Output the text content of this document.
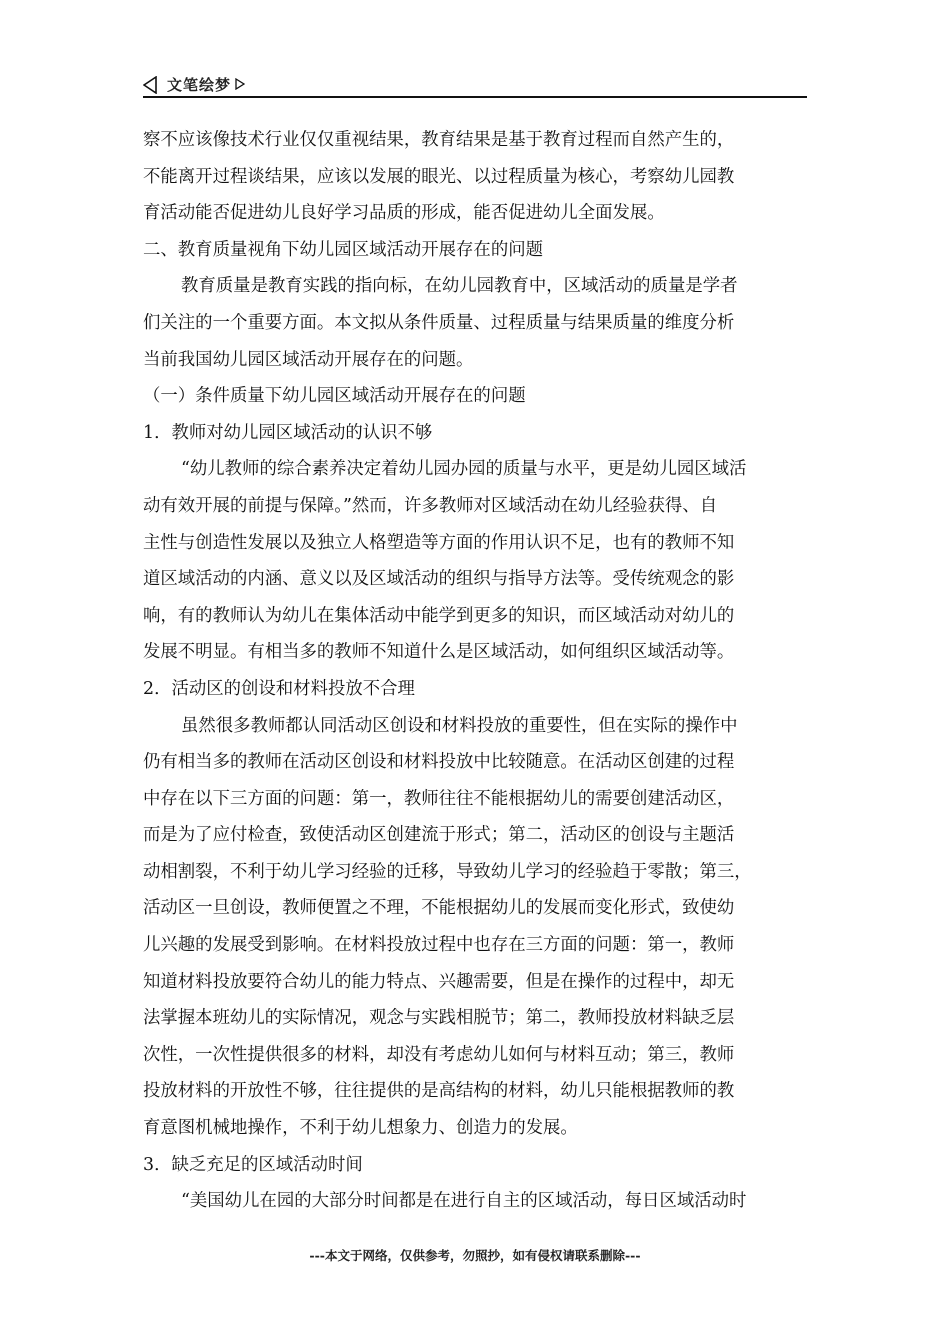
文笔绘梦
察不应该像技术行业仅仅重视结果，教育结果是基于教育过程而自然产生的，
不能离开过程谈结果，应该以发展的眼光、以过程质量为核心，考察幼儿园教
育活动能否促进幼儿良好学习品质的形成，能否促进幼儿全面发展。
二、教育质量视角下幼儿园区域活动开展存在的问题
教育质量是教育实践的指向标，在幼儿园教育中，区域活动的质量是学者
们关注的一个重要方面。本文拟从条件质量、过程质量与结果质量的维度分析
当前我国幼儿园区域活动开展存在的问题。
（一）条件质量下幼儿园区域活动开展存在的问题
1．教师对幼儿园区域活动的认识不够
“幼儿教师的综合素养决定着幼儿园办园的质量与水平，更是幼儿园区域活
动有效开展的前提与保障。”然而，许多教师对区域活动在幼儿经验获得、自
主性与创造性发展以及独立人格塑造等方面的作用认识不足，也有的教师不知
道区域活动的内涵、意义以及区域活动的组织与指导方法等。受传统观念的影
响，有的教师认为幼儿在集体活动中能学到更多的知识，而区域活动对幼儿的
发展不明显。有相当多的教师不知道什么是区域活动，如何组织区域活动等。
2．活动区的创设和材料投放不合理
虽然很多教师都认同活动区创设和材料投放的重要性，但在实际的操作中
仍有相当多的教师在活动区创设和材料投放中比较随意。在活动区创建的过程
中存在以下三方面的问题：第一，教师往往不能根据幼儿的需要创建活动区，
而是为了应付检查，致使活动区创建流于形式；第二，活动区的创设与主题活
动相割裂，不利于幼儿学习经验的迁移，导致幼儿学习的经验趋于零散；第三，
活动区一旦创设，教师便置之不理，不能根据幼儿的发展而变化形式，致使幼
儿兴趣的发展受到影响。在材料投放过程中也存在三方面的问题：第一，教师
知道材料投放要符合幼儿的能力特点、兴趣需要，但是在操作的过程中，却无
法掌握本班幼儿的实际情况，观念与实践相脱节；第二，教师投放材料缺乏层
次性，一次性提供很多的材料，却没有考虑幼儿如何与材料互动；第三，教师
投放材料的开放性不够，往往提供的是高结构的材料，幼儿只能根据教师的教
育意图机械地操作，不利于幼儿想象力、创造力的发展。
3．缺乏充足的区域活动时间
“美国幼儿在园的大部分时间都是在进行自主的区域活动，每日区域活动时
---本文于网络，仅供参考，勿照抄，如有侵权请联系删除---
